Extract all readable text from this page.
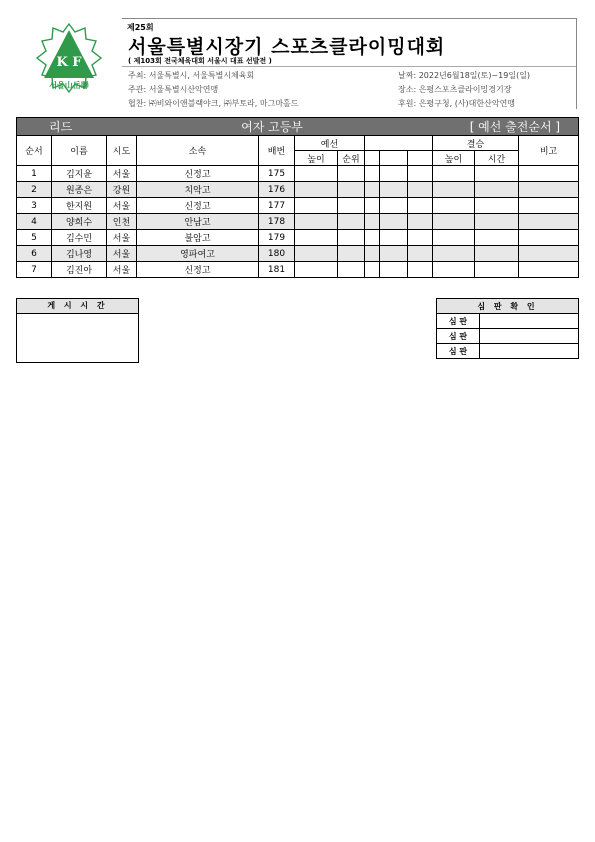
K F
서울山岳聯
제25회
서울특별시장기 스포츠클라이밍대회
( 제103회 전국체육대회 서울시 대표 선발전 )
주최: 서울특별시, 서울특별시체육회
주관: 서울특별시산악연맹
협찬: ㈜비와이앤블랙야크, ㈜부토라, 마그마홀드
날짜: 2022년6월18일(토)~19일(일)
장소: 은평스포츠클라이밍경기장
후원: 은평구청, (사)대한산악연맹
리드			여자 고등부						[ 예선 출전순서 ]			
순서	이름	시도	소속	배번	예선					결승		비고
					높이	순위				높이	시간	
1	김지윤	서울	신정고	175								
2	원종은	강원	치악고	176								
3	한지원	서울	신정고	177								
4	양희수	인천	안남고	178								
5	김수민	서울	불암고	179								
6	김나영	서울	영파여고	180								
7	김진아	서울	신정고	181								
게 시 시 간	심 판 확 인	
심 판	
심 판	
심 판	
